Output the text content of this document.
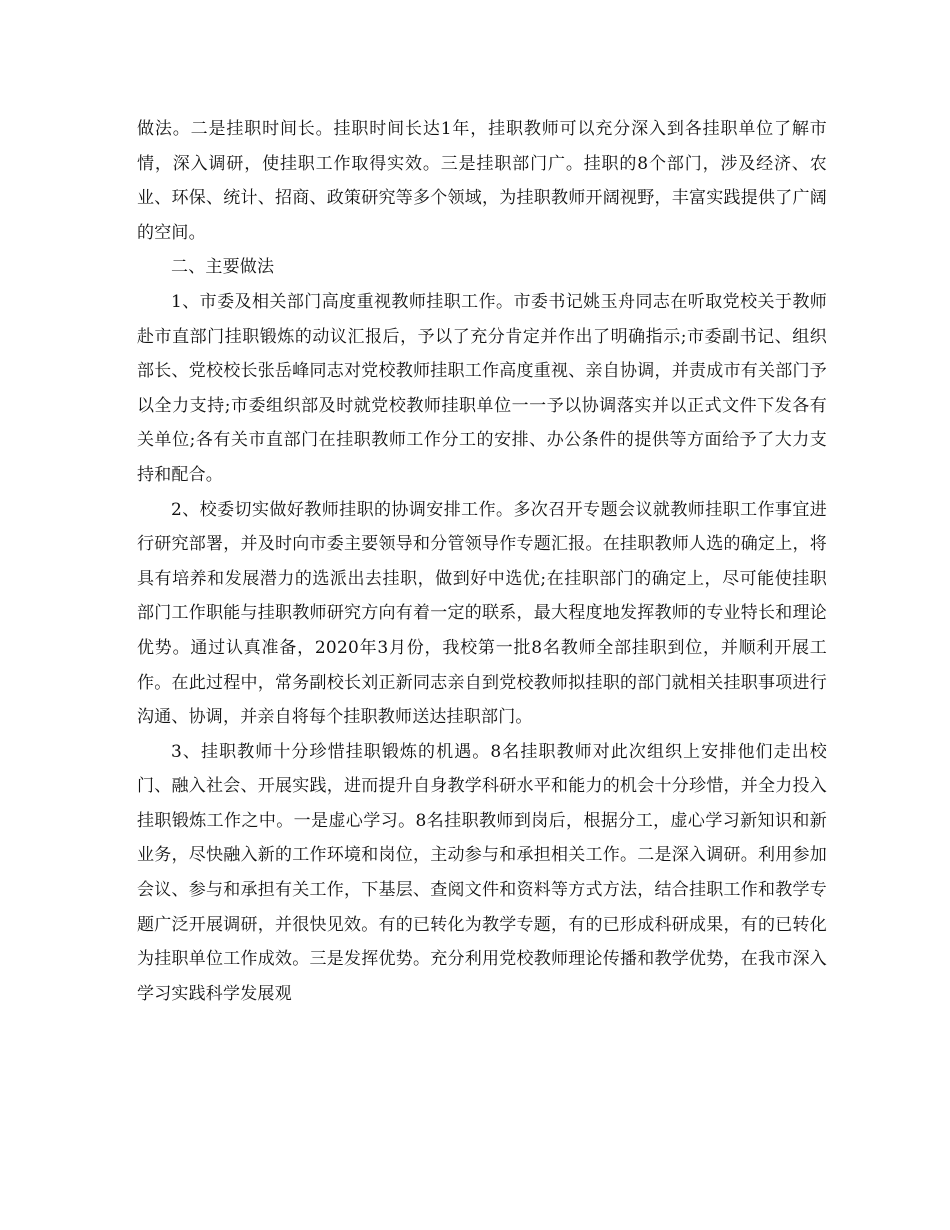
做法。二是挂职时间长。挂职时间长达1年，挂职教师可以充分深入到各挂职单位了解市情，深入调研，使挂职工作取得实效。三是挂职部门广。挂职的8个部门，涉及经济、农业、环保、统计、招商、政策研究等多个领域，为挂职教师开阔视野，丰富实践提供了广阔的空间。

二、主要做法

1、市委及相关部门高度重视教师挂职工作。市委书记姚玉舟同志在听取党校关于教师赴市直部门挂职锻炼的动议汇报后，予以了充分肯定并作出了明确指示;市委副书记、组织部长、党校校长张岳峰同志对党校教师挂职工作高度重视、亲自协调，并责成市有关部门予以全力支持;市委组织部及时就党校教师挂职单位一一予以协调落实并以正式文件下发各有关单位;各有关市直部门在挂职教师工作分工的安排、办公条件的提供等方面给予了大力支持和配合。

2、校委切实做好教师挂职的协调安排工作。多次召开专题会议就教师挂职工作事宜进行研究部署，并及时向市委主要领导和分管领导作专题汇报。在挂职教师人选的确定上，将具有培养和发展潜力的选派出去挂职，做到好中选优;在挂职部门的确定上，尽可能使挂职部门工作职能与挂职教师研究方向有着一定的联系，最大程度地发挥教师的专业特长和理论优势。通过认真准备，2020年3月份，我校第一批8名教师全部挂职到位，并顺利开展工作。在此过程中，常务副校长刘正新同志亲自到党校教师拟挂职的部门就相关挂职事项进行沟通、协调，并亲自将每个挂职教师送达挂职部门。

3、挂职教师十分珍惜挂职锻炼的机遇。8名挂职教师对此次组织上安排他们走出校门、融入社会、开展实践，进而提升自身教学科研水平和能力的机会十分珍惜，并全力投入挂职锻炼工作之中。一是虚心学习。8名挂职教师到岗后，根据分工，虚心学习新知识和新业务，尽快融入新的工作环境和岗位，主动参与和承担相关工作。二是深入调研。利用参加会议、参与和承担有关工作，下基层、查阅文件和资料等方式方法，结合挂职工作和教学专题广泛开展调研，并很快见效。有的已转化为教学专题，有的已形成科研成果，有的已转化为挂职单位工作成效。三是发挥优势。充分利用党校教师理论传播和教学优势，在我市深入学习实践科学发展观
